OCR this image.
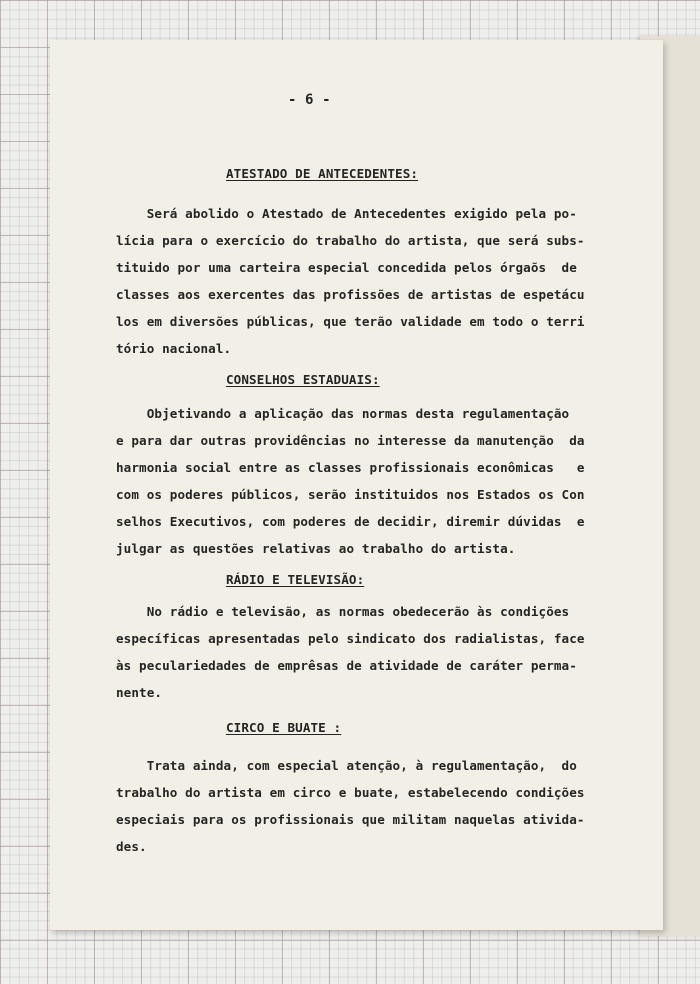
- 6 -
ATESTADO DE ANTECEDENTES:
Será abolido o Atestado de Antecedentes exigido pela po-
lícia para o exercício do trabalho do artista, que será subs-
tituido por uma carteira especial concedida pelos órgaõs  de
classes aos exercentes das profissões de artistas de espetácu
los em diversões públicas, que terão validade em todo o terri
tório nacional.
CONSELHOS ESTADUAIS:
Objetivando a aplicação das normas desta regulamentação
e para dar outras providências no interesse da manutenção  da
harmonia social entre as classes profissionais econômicas   e
com os poderes públicos, serão instituidos nos Estados os Con
selhos Executivos, com poderes de decidir, diremir dúvidas  e
julgar as questões relativas ao trabalho do artista.
RÁDIO E TELEVISÃO:
No rádio e televisão, as normas obedecerão às condições
específicas apresentadas pelo sindicato dos radialistas, face
às peculariedades de emprêsas de atividade de caráter perma-
nente.
CIRCO E BUATE :
Trata ainda, com especial atenção, à regulamentação,  do
trabalho do artista em circo e buate, estabelecendo condições
especiais para os profissionais que militam naquelas ativida-
des.
